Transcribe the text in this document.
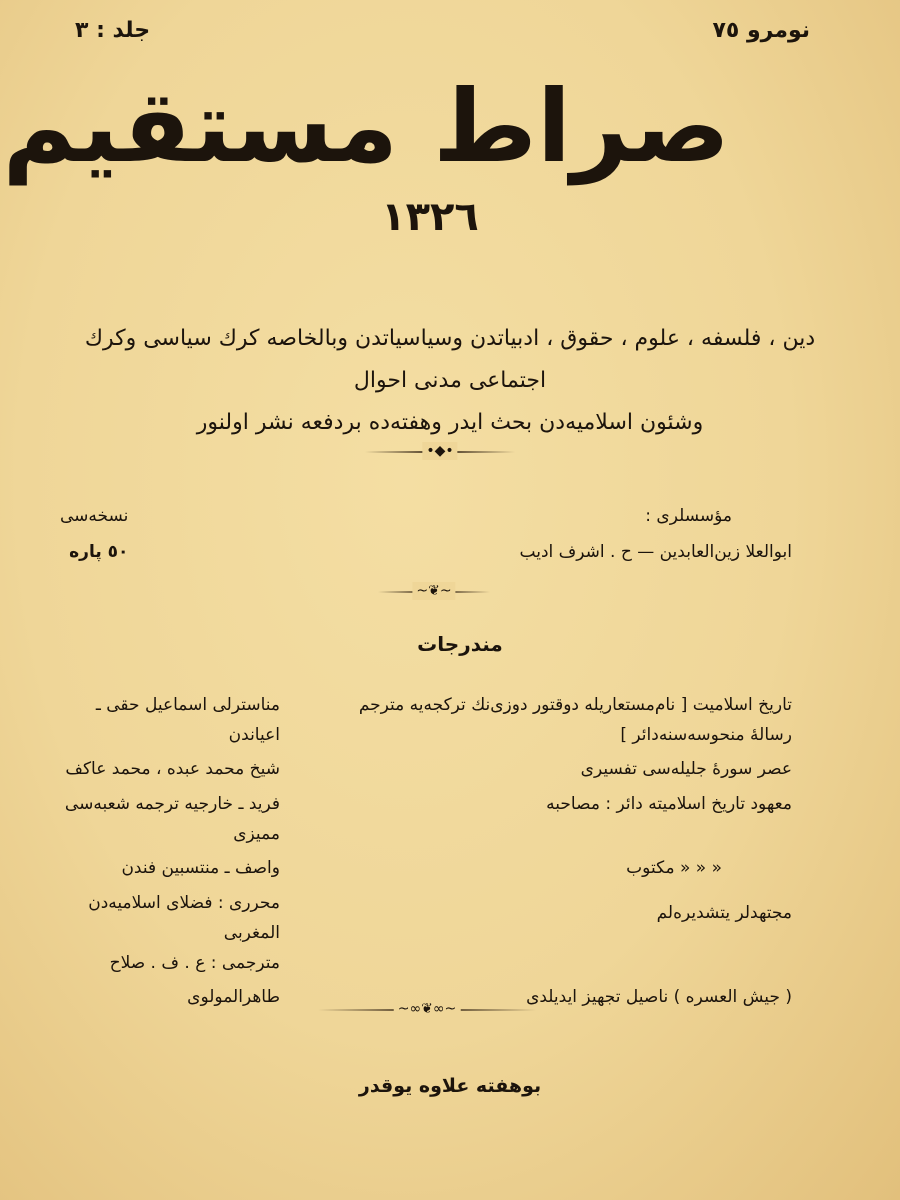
جلد : ٣	نومرو ٧٥
صراط مستقيم
١٣٢٦
دين ، فلسفه ، علوم ، حقوق ، ادبياتدن وسياسياتدن وبالخاصه كرك سياسى وكرك اجتماعى مدنى احوال
وشئون اسلاميه‌دن بحث ايدر وهفته‌ده بردفعه نشر اولنور
•◆•
نسخه‌سى
٥٠ پاره
مؤسسلرى :
ابوالعلا زين‌العابدين — ح . اشرف اديب
~❦~
مندرجات
تاريخ اسلاميت [ نام‌مستعاريله دوقتور دوزى‌نك تركجه‌يه مترجم رسالهٔ منحوسه‌سنه‌دائر ]
مناسترلى اسماعيل حقى ـ اعياندن
عصر سورهٔ جليله‌سى تفسيرى
شيخ محمد عبده ، محمد عاكف
معهود تاريخ اسلاميته دائر : مصاحبه
فريد ـ خارجيه ترجمه شعبه‌سى مميزى
« « « مكتوب
واصف ـ منتسبين فندن
مجتهدلر يتشديره‌لم
محررى : فضلاى اسلاميه‌دن المغربى
مترجمى : ع . ف . صلاح
( جيش العسره ) ناصيل تجهيز ايديلدى
طاهرالمولوى
~∞❦∞~
بوهفته علاوه يوقدر
